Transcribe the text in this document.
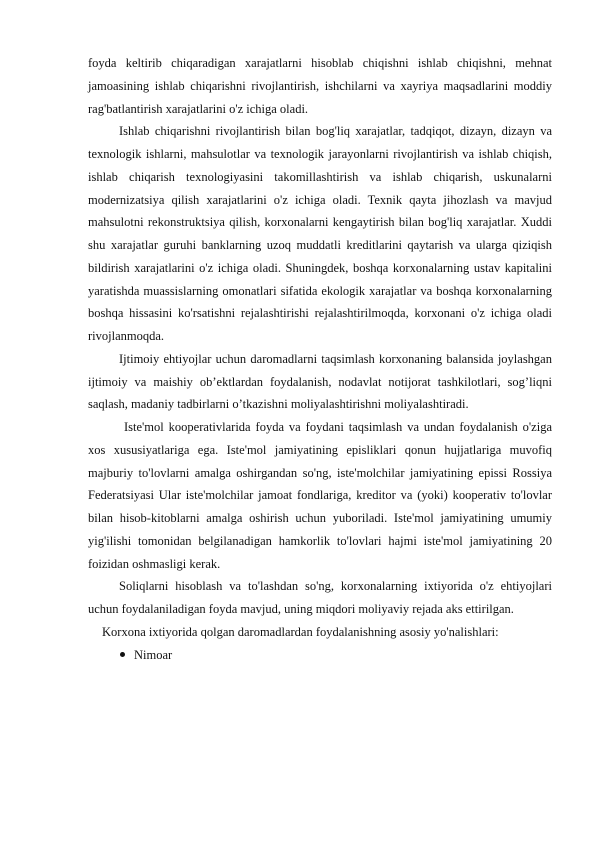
foyda keltirib chiqaradigan xarajatlarni hisoblab chiqishni ishlab chiqishni, mehnat jamoasining ishlab chiqarishni rivojlantirish, ishchilarni va xayriya maqsadlarini moddiy rag'batlantirish xarajatlarini o'z ichiga oladi.

Ishlab chiqarishni rivojlantirish bilan bog'liq xarajatlar, tadqiqot, dizayn, dizayn va texnologik ishlarni, mahsulotlar va texnologik jarayonlarni rivojlantirish va ishlab chiqish, ishlab chiqarish texnologiyasini takomillashtirish va ishlab chiqarish, uskunalarni modernizatsiya qilish xarajatlarini o'z ichiga oladi. Texnik qayta jihozlash va mavjud mahsulotni rekonstruktsiya qilish, korxonalarni kengaytirish bilan bog'liq xarajatlar. Xuddi shu xarajatlar guruhi banklarning uzoq muddatli kreditlarini qaytarish va ularga qiziqish bildirish xarajatlarini o'z ichiga oladi. Shuningdek, boshqa korxonalarning ustav kapitalini yaratishda muassislarning omonatlari sifatida ekologik xarajatlar va boshqa korxonalarning boshqa hissasini ko'rsatishni rejalashtirishi rejalashtirilmoqda, korxonani o'z ichiga oladi rivojlanmoqda.

Ijtimoiy ehtiyojlar uchun daromadlarni taqsimlash korxonaning balansida joylashgan ijtimoiy va maishiy ob’ektlardan foydalanish, nodavlat notijorat tashkilotlari, sog’liqni saqlash, madaniy tadbirlarni o’tkazishni moliyalashtirishni moliyalashtiradi.

Iste'mol kooperativlarida foyda va foydani taqsimlash va undan foydalanish o'ziga xos xususiyatlariga ega. Iste'mol jamiyatining episliklari qonun hujjatlariga muvofiq majburiy to'lovlarni amalga oshirgandan so'ng, iste'molchilar jamiyatining epissi Rossiya Federatsiyasi Ular iste'molchilar jamoat fondlariga, kreditor va (yoki) kooperativ to'lovlar bilan hisob-kitoblarni amalga oshirish uchun yuboriladi. Iste'mol jamiyatining umumiy yig'ilishi tomonidan belgilanadigan hamkorlik to'lovlari hajmi iste'mol jamiyatining 20 foizidan oshmasligi kerak.

Soliqlarni hisoblash va to'lashdan so'ng, korxonalarning ixtiyorida o'z ehtiyojlari uchun foydalaniladigan foyda mavjud, uning miqdori moliyaviy rejada aks ettirilgan.

Korxona ixtiyorida qolgan daromadlardan foydalanishning asosiy yo'nalishlari:

Nimoar
